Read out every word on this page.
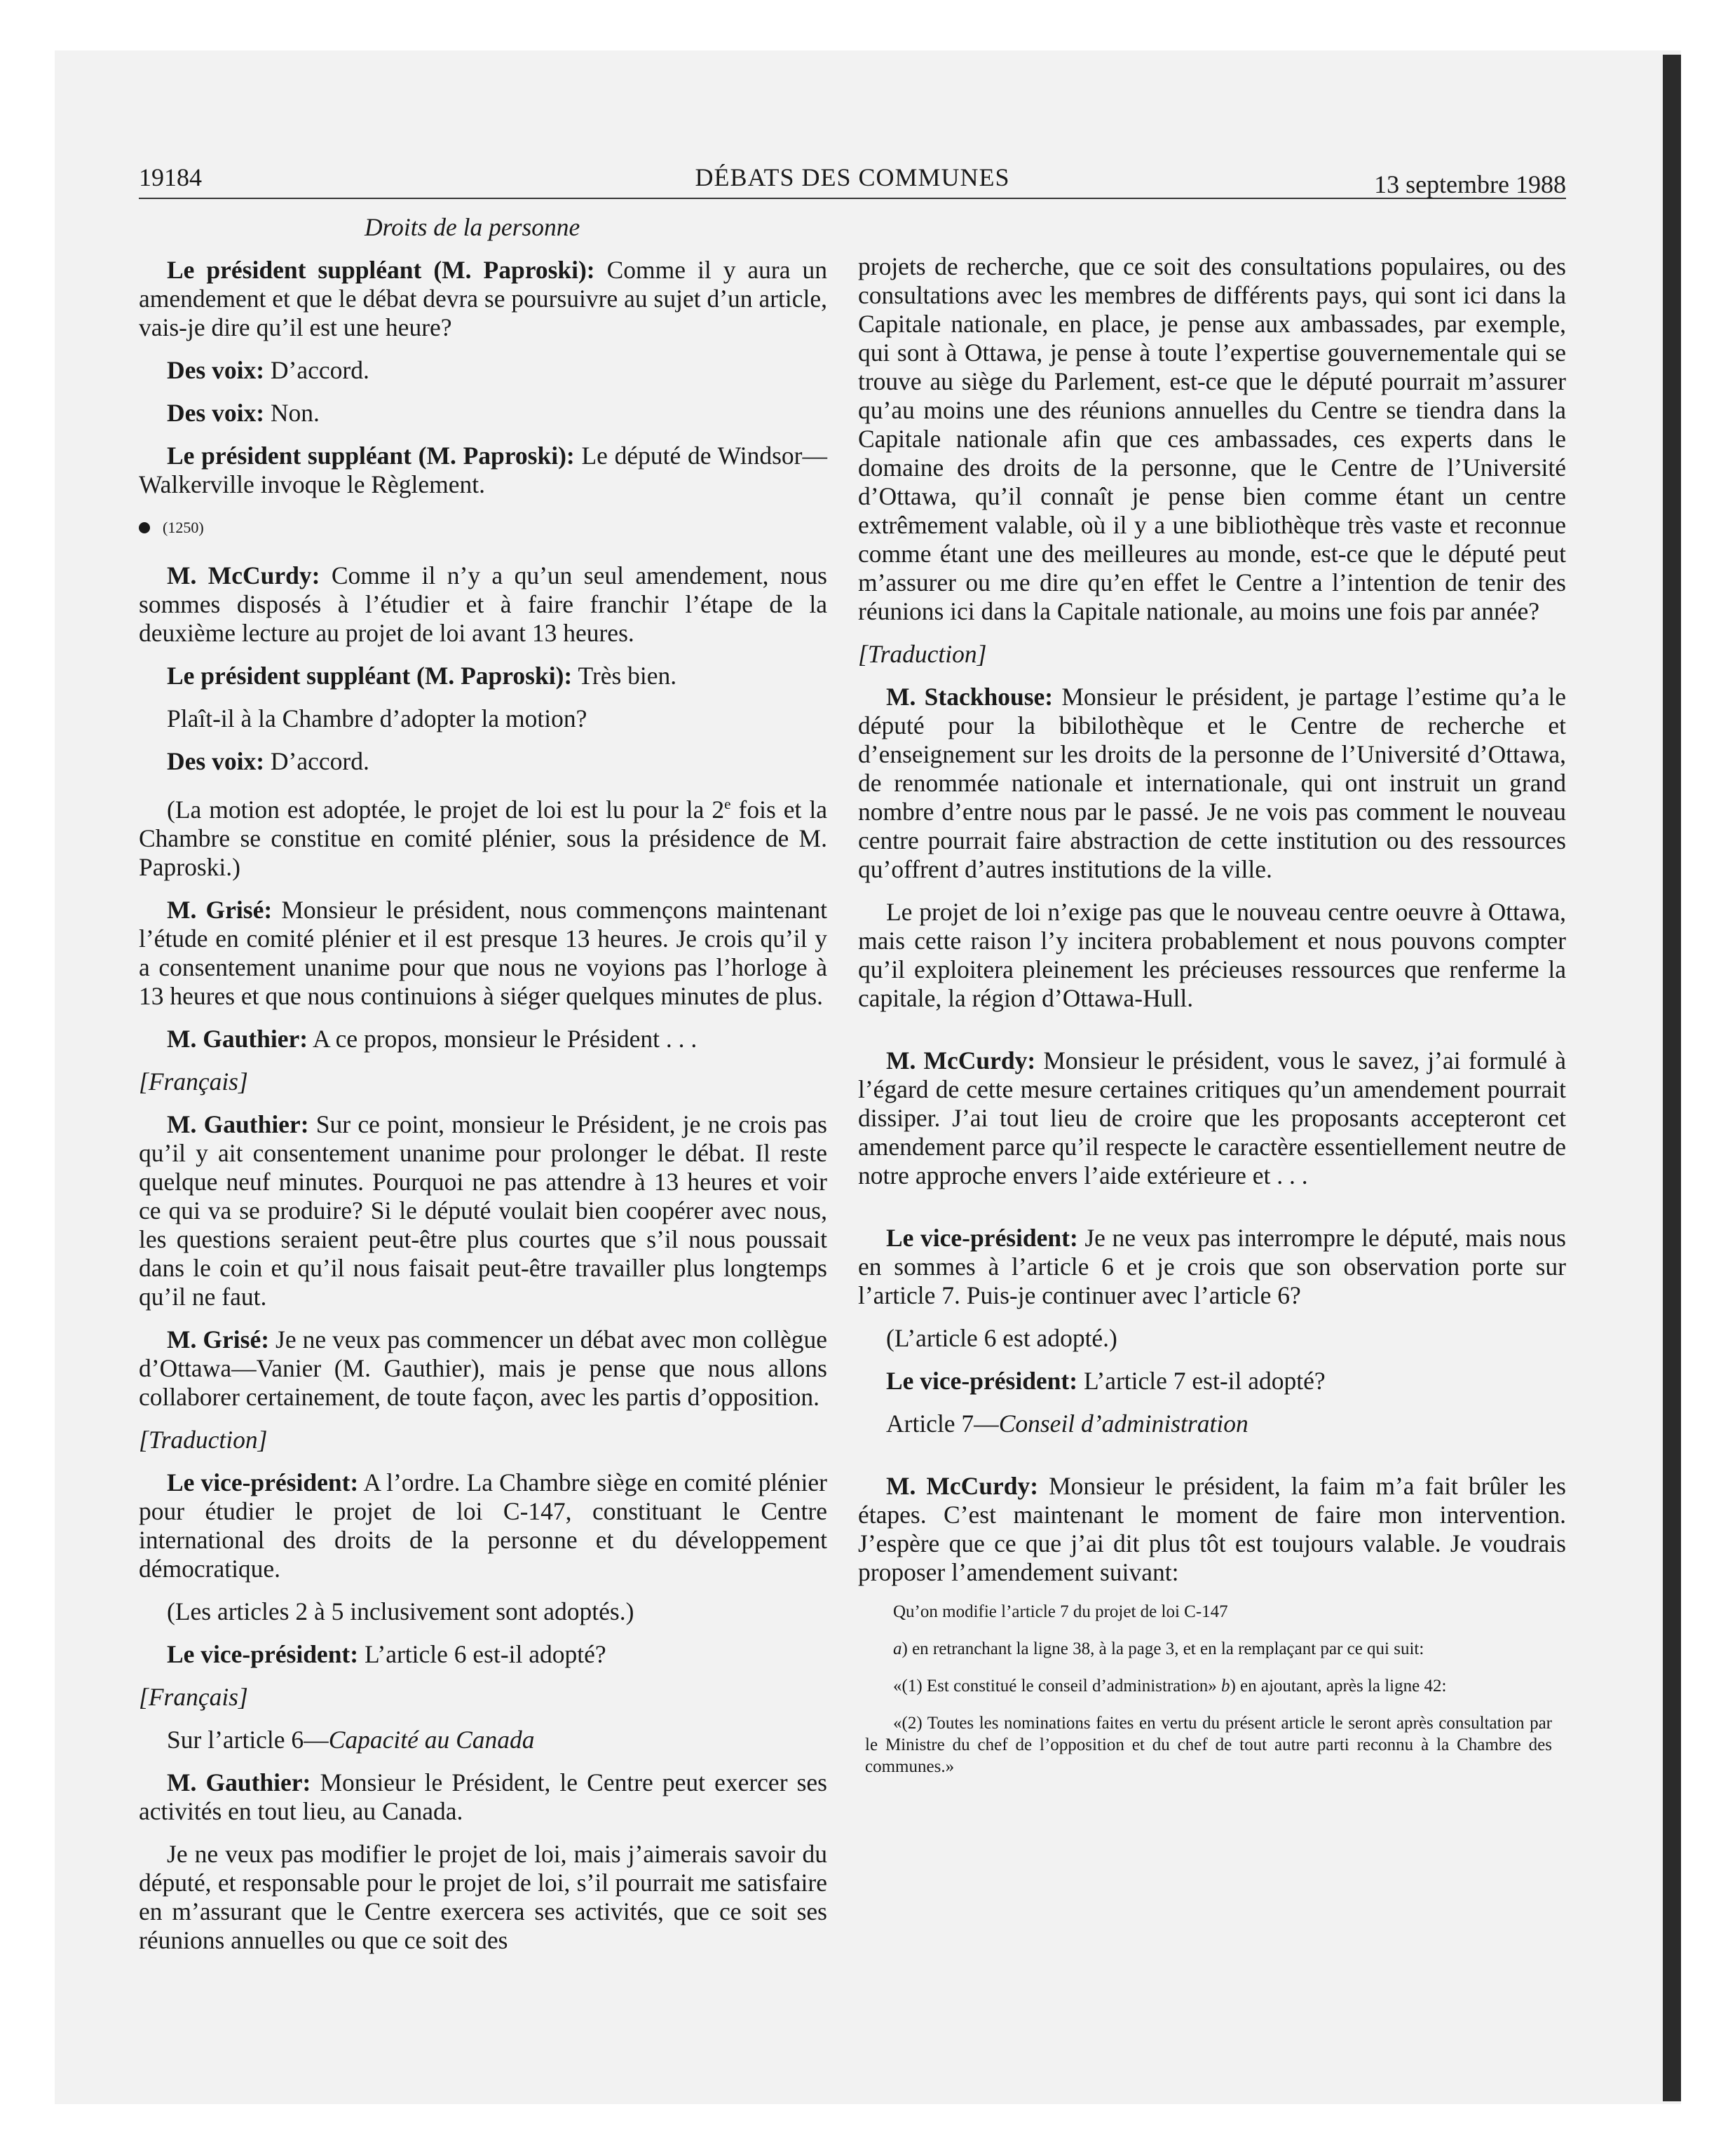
19184	DÉBATS DES COMMUNES	13 septembre 1988
Droits de la personne

Le président suppléant (M. Paproski): Comme il y aura un amendement et que le débat devra se poursuivre au sujet d’un article, vais-je dire qu’il est une heure?

Des voix: D’accord.

Des voix: Non.

Le président suppléant (M. Paproski): Le député de Windsor—Walkerville invoque le Règlement.

(1250)

M. McCurdy: Comme il n’y a qu’un seul amendement, nous sommes disposés à l’étudier et à faire franchir l’étape de la deuxième lecture au projet de loi avant 13 heures.

Le président suppléant (M. Paproski): Très bien.

Plaît-il à la Chambre d’adopter la motion?

Des voix: D’accord.

(La motion est adoptée, le projet de loi est lu pour la 2e fois et la Chambre se constitue en comité plénier, sous la présidence de M. Paproski.)

M. Grisé: Monsieur le président, nous commençons maintenant l’étude en comité plénier et il est presque 13 heures. Je crois qu’il y a consentement unanime pour que nous ne voyions pas l’horloge à 13 heures et que nous continuions à siéger quelques minutes de plus.

M. Gauthier: A ce propos, monsieur le Président . . .

[Français]

M. Gauthier: Sur ce point, monsieur le Président, je ne crois pas qu’il y ait consentement unanime pour prolonger le débat. Il reste quelque neuf minutes. Pourquoi ne pas attendre à 13 heures et voir ce qui va se produire? Si le député voulait bien coopérer avec nous, les questions seraient peut-être plus courtes que s’il nous poussait dans le coin et qu’il nous faisait peut-être travailler plus longtemps qu’il ne faut.

M. Grisé: Je ne veux pas commencer un débat avec mon collègue d’Ottawa—Vanier (M. Gauthier), mais je pense que nous allons collaborer certainement, de toute façon, avec les partis d’opposition.

[Traduction]

Le vice-président: A l’ordre. La Chambre siège en comité plénier pour étudier le projet de loi C-147, constituant le Centre international des droits de la personne et du développement démocratique.

(Les articles 2 à 5 inclusivement sont adoptés.)

Le vice-président: L’article 6 est-il adopté?

[Français]

Sur l’article 6—Capacité au Canada

M. Gauthier: Monsieur le Président, le Centre peut exercer ses activités en tout lieu, au Canada.

Je ne veux pas modifier le projet de loi, mais j’aimerais savoir du député, et responsable pour le projet de loi, s’il pourrait me satisfaire en m’assurant que le Centre exercera ses activités, que ce soit ses réunions annuelles ou que ce soit des

projets de recherche, que ce soit des consultations populaires, ou des consultations avec les membres de différents pays, qui sont ici dans la Capitale nationale, en place, je pense aux ambassades, par exemple, qui sont à Ottawa, je pense à toute l’expertise gouvernementale qui se trouve au siège du Parlement, est-ce que le député pourrait m’assurer qu’au moins une des réunions annuelles du Centre se tiendra dans la Capitale nationale afin que ces ambassades, ces experts dans le domaine des droits de la personne, que le Centre de l’Université d’Ottawa, qu’il connaît je pense bien comme étant un centre extrêmement valable, où il y a une bibliothèque très vaste et reconnue comme étant une des meilleures au monde, est-ce que le député peut m’assurer ou me dire qu’en effet le Centre a l’intention de tenir des réunions ici dans la Capitale nationale, au moins une fois par année?

[Traduction]

M. Stackhouse: Monsieur le président, je partage l’estime qu’a le député pour la bibilothèque et le Centre de recherche et d’enseignement sur les droits de la personne de l’Université d’Ottawa, de renommée nationale et internationale, qui ont instruit un grand nombre d’entre nous par le passé. Je ne vois pas comment le nouveau centre pourrait faire abstraction de cette institution ou des ressources qu’offrent d’autres institutions de la ville.

Le projet de loi n’exige pas que le nouveau centre oeuvre à Ottawa, mais cette raison l’y incitera probablement et nous pouvons compter qu’il exploitera pleinement les précieuses ressources que renferme la capitale, la région d’Ottawa-Hull.

M. McCurdy: Monsieur le président, vous le savez, j’ai formulé à l’égard de cette mesure certaines critiques qu’un amendement pourrait dissiper. J’ai tout lieu de croire que les proposants accepteront cet amendement parce qu’il respecte le caractère essentiellement neutre de notre approche envers l’aide extérieure et . . .

Le vice-président: Je ne veux pas interrompre le député, mais nous en sommes à l’article 6 et je crois que son observation porte sur l’article 7. Puis-je continuer avec l’article 6?

(L’article 6 est adopté.)

Le vice-président: L’article 7 est-il adopté?

Article 7—Conseil d’administration

M. McCurdy: Monsieur le président, la faim m’a fait brûler les étapes. C’est maintenant le moment de faire mon intervention. J’espère que ce que j’ai dit plus tôt est toujours valable. Je voudrais proposer l’amendement suivant:

Qu’on modifie l’article 7 du projet de loi C-147

a) en retranchant la ligne 38, à la page 3, et en la remplaçant par ce qui suit:

«(1) Est constitué le conseil d’administration» b) en ajoutant, après la ligne 42:

«(2) Toutes les nominations faites en vertu du présent article le seront après consultation par le Ministre du chef de l’opposition et du chef de tout autre parti reconnu à la Chambre des communes.»
